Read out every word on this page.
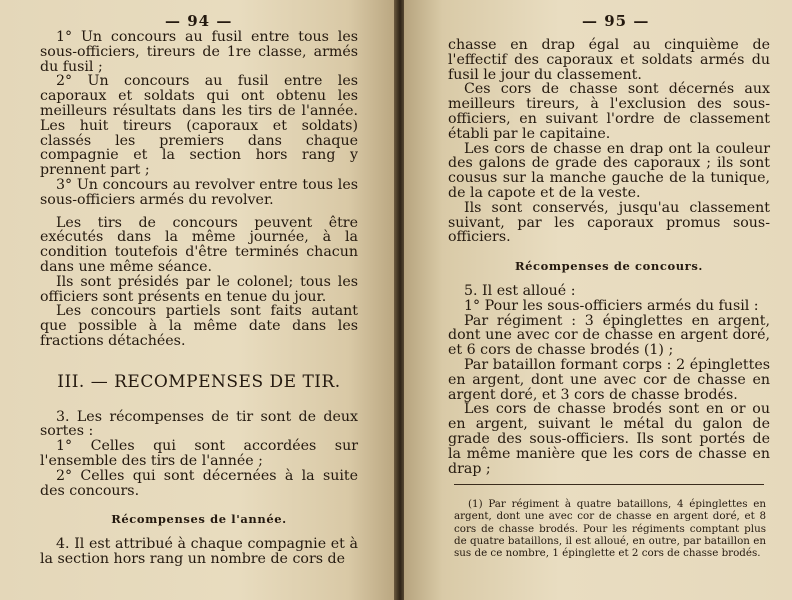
— 94 —

1° Un concours au fusil entre tous les sous-officiers, tireurs de 1re classe, armés du fusil ;

2° Un concours au fusil entre les caporaux et soldats qui ont obtenu les meilleurs résultats dans les tirs de l'année. Les huit tireurs (caporaux et soldats) classés les premiers dans chaque compagnie et la section hors rang y prennent part ;

3° Un concours au revolver entre tous les sous-officiers armés du revolver.

Les tirs de concours peuvent être exécutés dans la même journée, à la condition toutefois d'être terminés chacun dans une même séance.

Ils sont présidés par le colonel; tous les officiers sont présents en tenue du jour.

Les concours partiels sont faits autant que possible à la même date dans les fractions détachées.

III. — RECOMPENSES DE TIR.

3. Les récompenses de tir sont de deux sortes :

1° Celles qui sont accordées sur l'ensemble des tirs de l'année ;

2° Celles qui sont décernées à la suite des concours.

Récompenses de l'année.

4. Il est attribué à chaque compagnie et à la section hors rang un nombre de cors de

— 95 —

chasse en drap égal au cinquième de l'effectif des caporaux et soldats armés du fusil le jour du classement.

Ces cors de chasse sont décernés aux meilleurs tireurs, à l'exclusion des sous-officiers, en suivant l'ordre de classement établi par le capitaine.

Les cors de chasse en drap ont la couleur des galons de grade des caporaux ; ils sont cousus sur la manche gauche de la tunique, de la capote et de la veste.

Ils sont conservés, jusqu'au classement suivant, par les caporaux promus sous-officiers.

Récompenses de concours.

5. Il est alloué :

1° Pour les sous-officiers armés du fusil :

Par régiment : 3 épinglettes en argent, dont une avec cor de chasse en argent doré, et 6 cors de chasse brodés (1) ;

Par bataillon formant corps : 2 épinglettes en argent, dont une avec cor de chasse en argent doré, et 3 cors de chasse brodés.

Les cors de chasse brodés sont en or ou en argent, suivant le métal du galon de grade des sous-officiers. Ils sont portés de la même manière que les cors de chasse en drap ;

(1) Par régiment à quatre bataillons, 4 épinglettes en argent, dont une avec cor de chasse en argent doré, et 8 cors de chasse brodés. Pour les régiments comptant plus de quatre bataillons, il est alloué, en outre, par bataillon en sus de ce nombre, 1 épinglette et 2 cors de chasse brodés.
